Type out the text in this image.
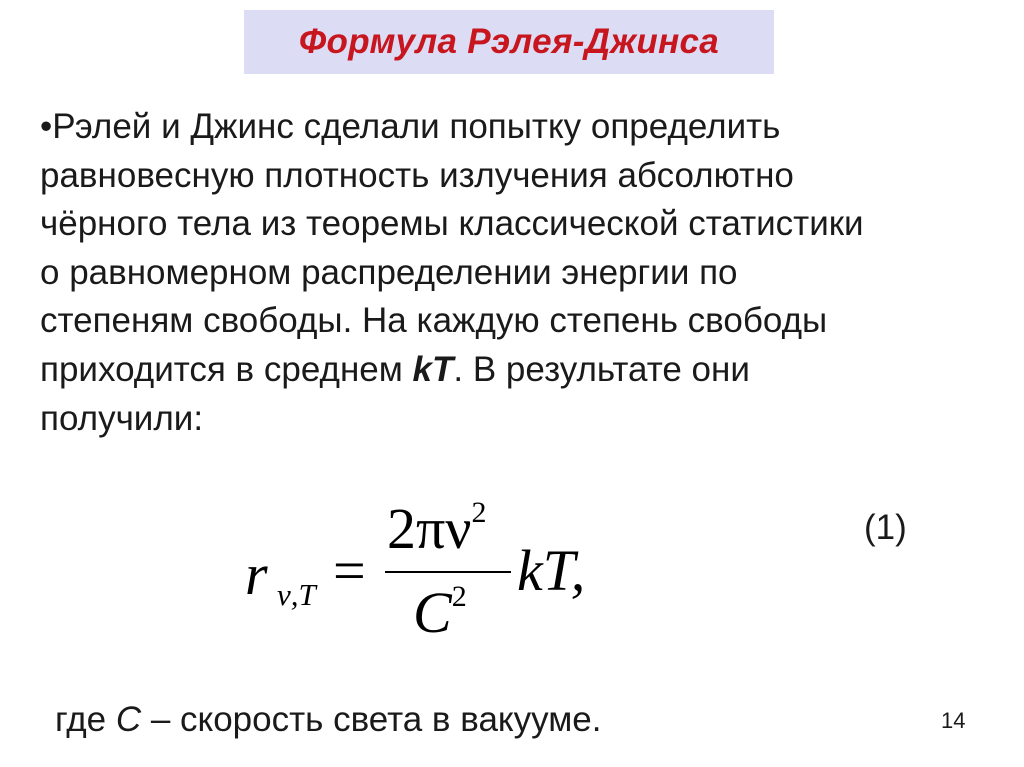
Формула Рэлея-Джинса
•Рэлей и Джинс сделали попытку определить
равновесную плотность излучения абсолютно
чёрного тела из теоремы классической статистики
о равномерном распределении энергии по
степеням свободы. На каждую степень свободы
приходится в среднем kT. В результате они
получили:
r ν,T =
$2\pi\nu^2$
$C^2$ kT,
(1)
где С – скорость света в вакууме.	14
